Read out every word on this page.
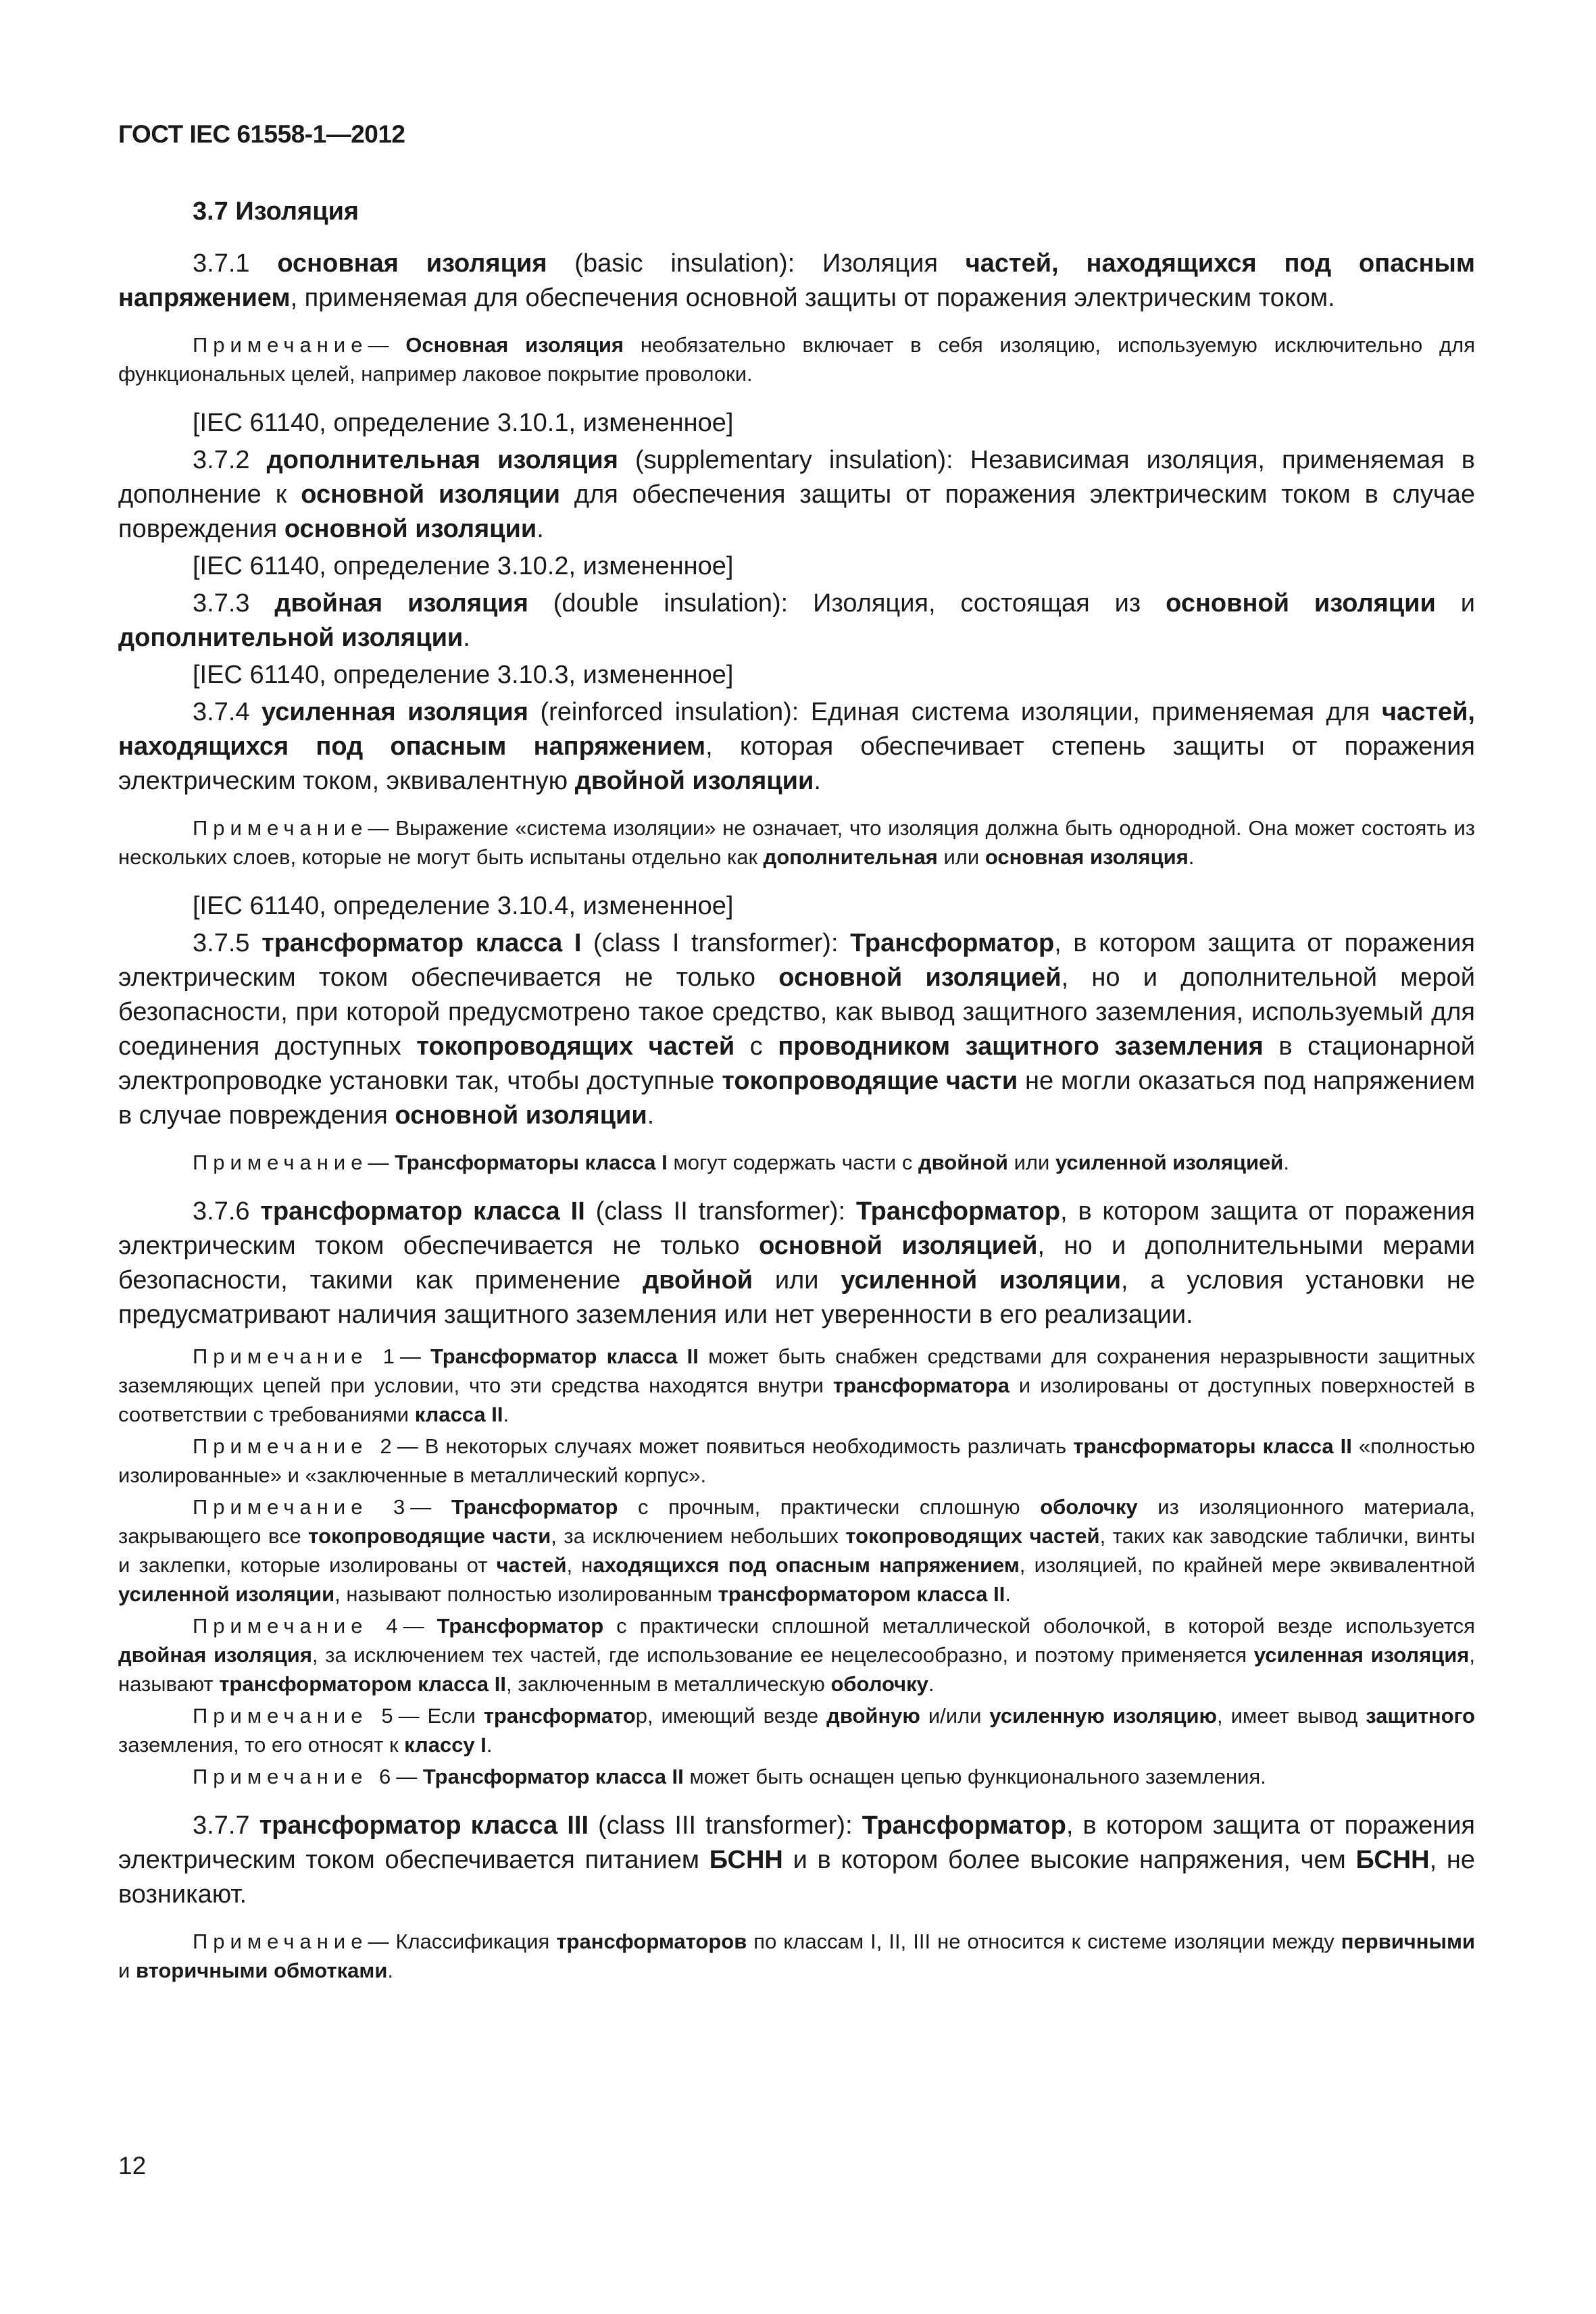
ГОСТ IEC 61558-1—2012
3.7 Изоляция

3.7.1 основная изоляция (basic insulation): Изоляция частей, находящихся под опасным напряжением, применяемая для обеспечения основной защиты от поражения электрическим током.

Примечание— Основная изоляция необязательно включает в себя изоляцию, используемую исключительно для функциональных целей, например лаковое покрытие проволоки.

[IEC 61140, определение 3.10.1, измененное]

3.7.2 дополнительная изоляция (supplementary insulation): Независимая изоляция, применяемая в дополнение к основной изоляции для обеспечения защиты от поражения электрическим током в случае повреждения основной изоляции.

[IEC 61140, определение 3.10.2, измененное]

3.7.3 двойная изоляция (double insulation): Изоляция, состоящая из основной изоляции и дополнительной изоляции.

[IEC 61140, определение 3.10.3, измененное]

3.7.4 усиленная изоляция (reinforced insulation): Единая система изоляции, применяемая для частей, находящихся под опасным напряжением, которая обеспечивает степень защиты от поражения электрическим током, эквивалентную двойной изоляции.

Примечание— Выражение «система изоляции» не означает, что изоляция должна быть однородной. Она может состоять из нескольких слоев, которые не могут быть испытаны отдельно как дополнительная или основная изоляция.

[IEC 61140, определение 3.10.4, измененное]

3.7.5 трансформатор класса I (class I transformer): Трансформатор, в котором защита от поражения электрическим током обеспечивается не только основной изоляцией, но и дополнительной мерой безопасности, при которой предусмотрено такое средство, как вывод защитного заземления, используемый для соединения доступных токопроводящих частей с проводником защитного заземления в стационарной электропроводке установки так, чтобы доступные токопроводящие части не могли оказаться под напряжением в случае повреждения основной изоляции.

Примечание— Трансформаторы класса I могут содержать части с двойной или усиленной изоляцией.

3.7.6 трансформатор класса II (class II transformer): Трансформатор, в котором защита от поражения электрическим током обеспечивается не только основной изоляцией, но и дополнительными мерами безопасности, такими как применение двойной или усиленной изоляции, а условия установки не предусматривают наличия защитного заземления или нет уверенности в его реализации.

Примечание 1— Трансформатор класса II может быть снабжен средствами для сохранения неразрывности защитных заземляющих цепей при условии, что эти средства находятся внутри трансформатора и изолированы от доступных поверхностей в соответствии с требованиями класса II.

Примечание 2— В некоторых случаях может появиться необходимость различать трансформаторы класса II «полностью изолированные» и «заключенные в металлический корпус».

Примечание 3— Трансформатор с прочным, практически сплошную оболочку из изоляционного материала, закрывающего все токопроводящие части, за исключением небольших токопроводящих частей, таких как заводские таблички, винты и заклепки, которые изолированы от частей, находящихся под опасным напряжением, изоляцией, по крайней мере эквивалентной усиленной изоляции, называют полностью изолированным трансформатором класса II.

Примечание 4— Трансформатор с практически сплошной металлической оболочкой, в которой везде используется двойная изоляция, за исключением тех частей, где использование ее нецелесообразно, и поэтому применяется усиленная изоляция, называют трансформатором класса II, заключенным в металлическую оболочку.

Примечание 5— Если трансформатор, имеющий везде двойную и/или усиленную изоляцию, имеет вывод защитного заземления, то его относят к классу I.

Примечание 6— Трансформатор класса II может быть оснащен цепью функционального заземления.

3.7.7 трансформатор класса III (class III transformer): Трансформатор, в котором защита от поражения электрическим током обеспечивается питанием БСНН и в котором более высокие напряжения, чем БСНН, не возникают.

Примечание— Классификация трансформаторов по классам I, II, III не относится к системе изоляции между первичными и вторичными обмотками.

12
